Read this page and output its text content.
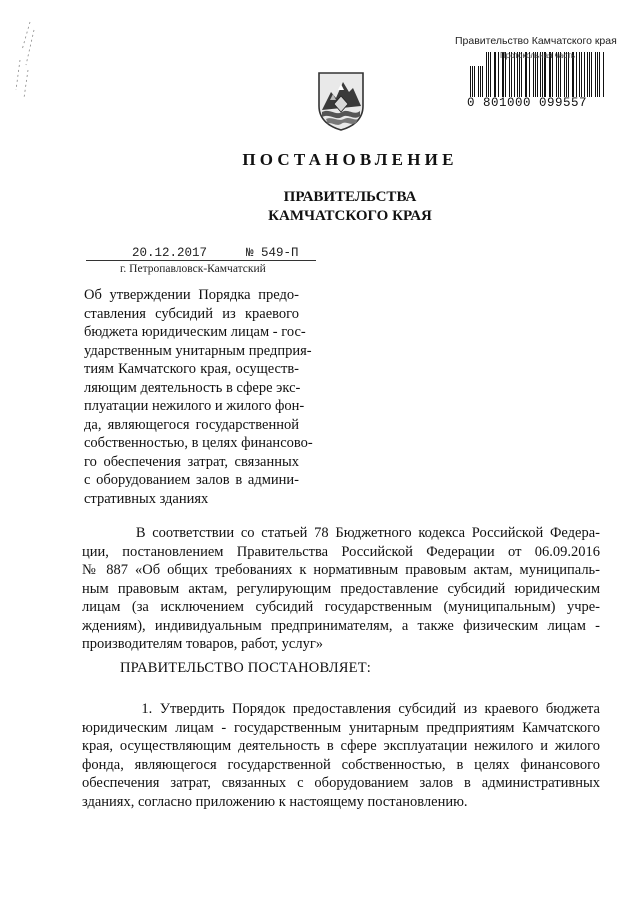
Правительство Камчатского края
Протокольная часть
0 801000 099557
ПОСТАНОВЛЕНИЕ
ПРАВИТЕЛЬСТВА
КАМЧАТСКОГО КРАЯ
20.12.2017	№ 549-П
г. Петропавловск-Камчатский
Об утверждении Порядка предо-
ставления субсидий из краевого
бюджета юридическим лицам - гос-
ударственным унитарным предприя-
тиям Камчатского края, осуществ-
ляющим деятельность в сфере экс-
плуатации нежилого и жилого фон-
да, являющегося государственной
собственностью, в целях финансово-
го обеспечения затрат, связанных
с оборудованием залов в админи-
стративных зданиях
В соответствии со статьей 78 Бюджетного кодекса Российской Федера-
ции, постановлением Правительства Российской Федерации от 06.09.2016
№ 887 «Об общих требованиях к нормативным правовым актам, муниципаль-
ным правовым актам, регулирующим предоставление субсидий юридическим
лицам (за исключением субсидий государственным (муниципальным) учре-
ждениям), индивидуальным предпринимателям, а также физическим лицам -
производителям товаров, работ, услуг»
ПРАВИТЕЛЬСТВО ПОСТАНОВЛЯЕТ:
1. Утвердить Порядок предоставления субсидий из краевого бюджета
юридическим лицам - государственным унитарным предприятиям Камчатского
края, осуществляющим деятельность в сфере эксплуатации нежилого и жилого
фонда, являющегося государственной собственностью, в целях финансового
обеспечения затрат, связанных с оборудованием залов в административных
зданиях, согласно приложению к настоящему постановлению.
